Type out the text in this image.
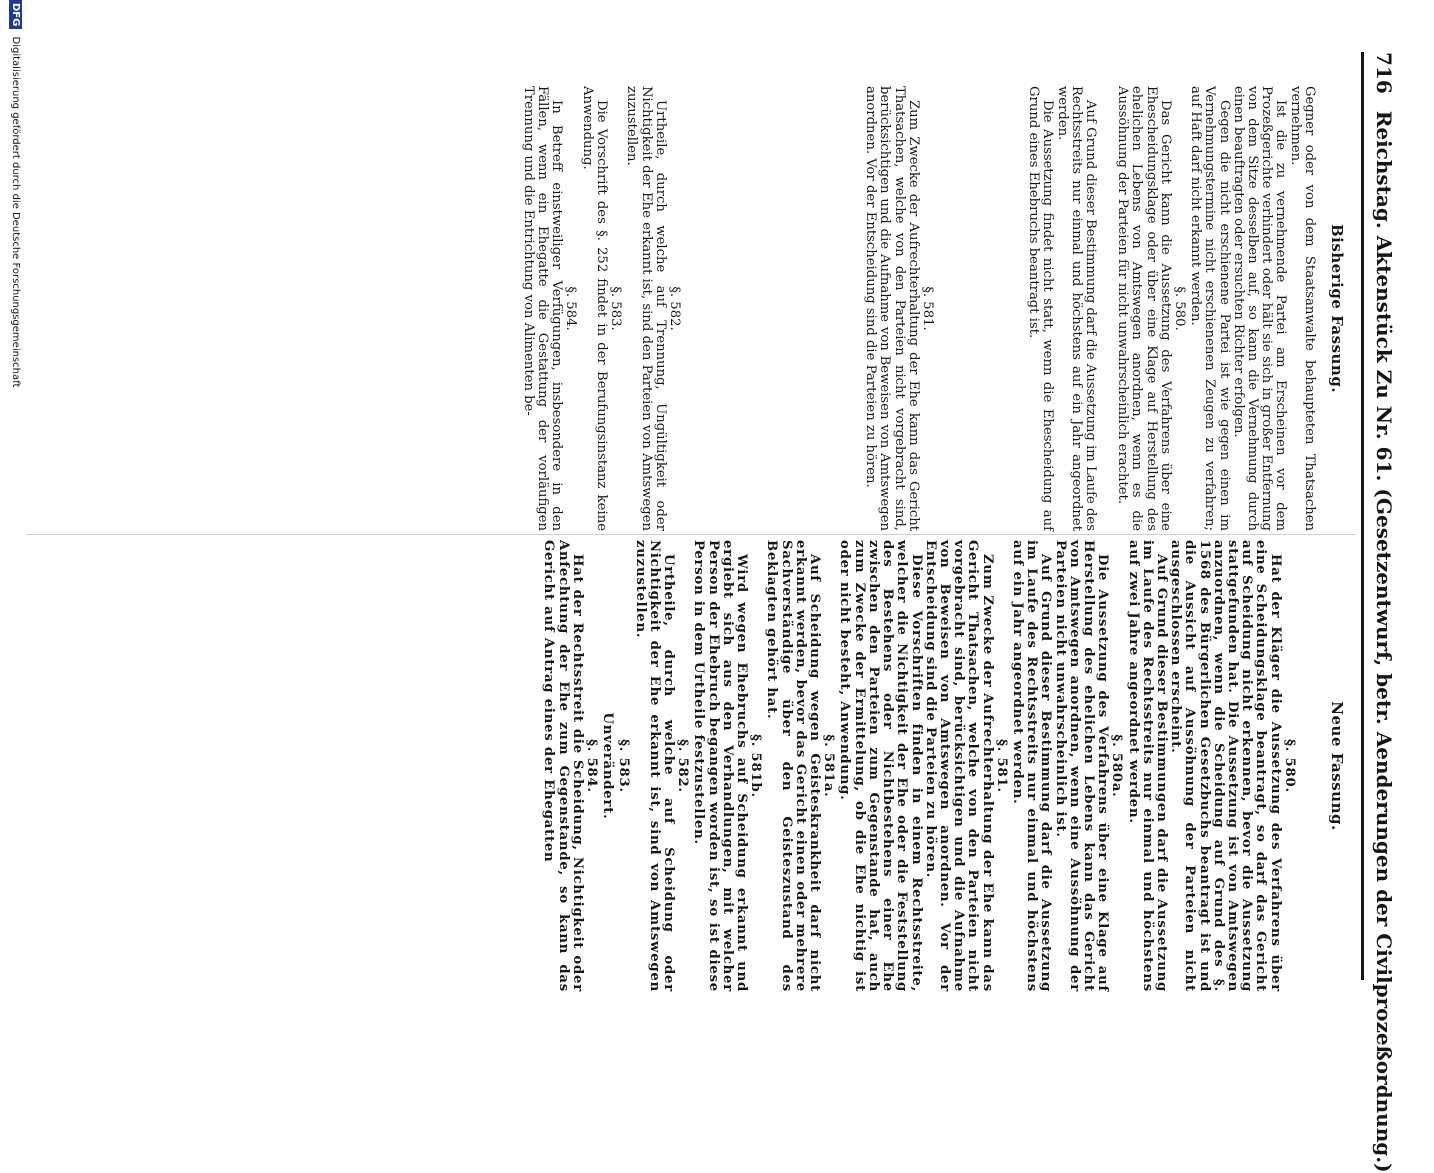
716 Reichstag. Aktenstück Zu Nr. 61. (Gesetzentwurf, betr. Aenderungen der Civilprozeßordnung.)
Bisherige Fassung.

Gegner oder von dem Staatsanwalte behaupteten Thatsachen vernehmen.

Ist die zu vernehmende Partei am Erscheinen vor dem Prozeßgerichte verhindert oder hält sie sich in großer Entfernung von dem Sitze desselben auf, so kann die Vernehmung durch einen beauftragten oder ersuchten Richter erfolgen.

Gegen die nicht erschienene Partei ist wie gegen einen im Vernehmungstermine nicht erschienenen Zeugen zu verfahren; auf Haft darf nicht erkannt werden.

§. 580.

Das Gericht kann die Aussetzung des Verfahrens über eine Ehescheidungsklage oder über eine Klage auf Herstellung des ehelichen Lebens von Amtswegen anordnen, wenn es die Aussöhnung der Parteien für nicht unwahrscheinlich erachtet.

Auf Grund dieser Bestimmung darf die Aussetzung im Laufe des Rechtsstreits nur einmal und höchstens auf ein Jahr angeordnet werden.

Die Aussetzung findet nicht statt, wenn die Ehescheidung auf Grund eines Ehebruchs beantragt ist.

§. 581.

Zum Zwecke der Aufrechterhaltung der Ehe kann das Gericht Thatsachen, welche von den Parteien nicht vorgebracht sind, berücksichtigen und die Aufnahme von Beweisen von Amtswegen anordnen. Vor der Entscheidung sind die Parteien zu hören.

§. 582.

Urtheile, durch welche auf Trennung, Ungültigkeit oder Nichtigkeit der Ehe erkannt ist, sind den Parteien von Amtswegen zuzustellen.

§. 583.

Die Vorschrift des §. 252 findet in der Berufungsinstanz keine Anwendung.

§. 584.

In Betreff einstweiliger Verfügungen, insbesondere in den Fällen, wenn ein Ehegatte die Gestattung der vorläufigen Trennung und die Entrichtung von Alimenten be-

Neue Fassung.
§. 580.

Hat der Kläger die Aussetzung des Verfahrens über eine Scheidungsklage beantragt, so darf das Gericht auf Scheidung nicht erkennen, bevor die Aussetzung stattgefunden hat. Die Aussetzung ist von Amtswegen anzuordnen, wenn die Scheidung auf Grund des §. 1568 des Bürgerlichen Gesetzbuchs beantragt ist und die Aussicht auf Aussöhnung der Parteien nicht ausgeschlossen erscheint.

Auf Grund dieser Bestimmungen darf die Aussetzung im Laufe des Rechtsstreits nur einmal und höchstens auf zwei Jahre angeordnet werden.

§. 580a.

Die Aussetzung des Verfahrens über eine Klage auf Herstellung des ehelichen Lebens kann das Gericht von Amtswegen anordnen, wenn eine Aussöhnung der Parteien nicht unwahrscheinlich ist.

Auf Grund dieser Bestimmung darf die Aussetzung im Laufe des Rechtsstreits nur einmal und höchstens auf ein Jahr angeordnet werden.

§. 581.

Zum Zwecke der Aufrechterhaltung der Ehe kann das Gericht Thatsachen, welche von den Parteien nicht vorgebracht sind, berücksichtigen und die Aufnahme von Beweisen von Amtswegen anordnen. Vor der Entscheidung sind die Parteien zu hören.

Diese Vorschriften finden in einem Rechtsstreite, welcher die Nichtigkeit der Ehe oder die Feststellung des Bestehens oder Nichtbestehens einer Ehe zwischen den Parteien zum Gegenstande hat, auch zum Zwecke der Ermittelung, ob die Ehe nichtig ist oder nicht besteht, Anwendung.

§. 581a.

Auf Scheidung wegen Geisteskrankheit darf nicht erkannt werden, bevor das Gericht einen oder mehrere Sachverständige über den Geisteszustand des Beklagten gehört hat.

§. 581b.

Wird wegen Ehebruchs auf Scheidung erkannt und ergiebt sich aus den Verhandlungen, mit welcher Person der Ehebruch begangen worden ist, so ist diese Person in dem Urtheile festzustellen.

§. 582.

Urtheile, durch welche auf Scheidung oder Nichtigkeit der Ehe erkannt ist, sind von Amtswegen zuzustellen.

§. 583.
Unverändert.
§. 584.

Hat der Rechtsstreit die Scheidung, Nichtigkeit oder Anfechtung der Ehe zum Gegenstande, so kann das Gericht auf Antrag eines der Ehegatten

DFG Digitalisierung gefördert durch die Deutsche Forschungsgemeinschaft
